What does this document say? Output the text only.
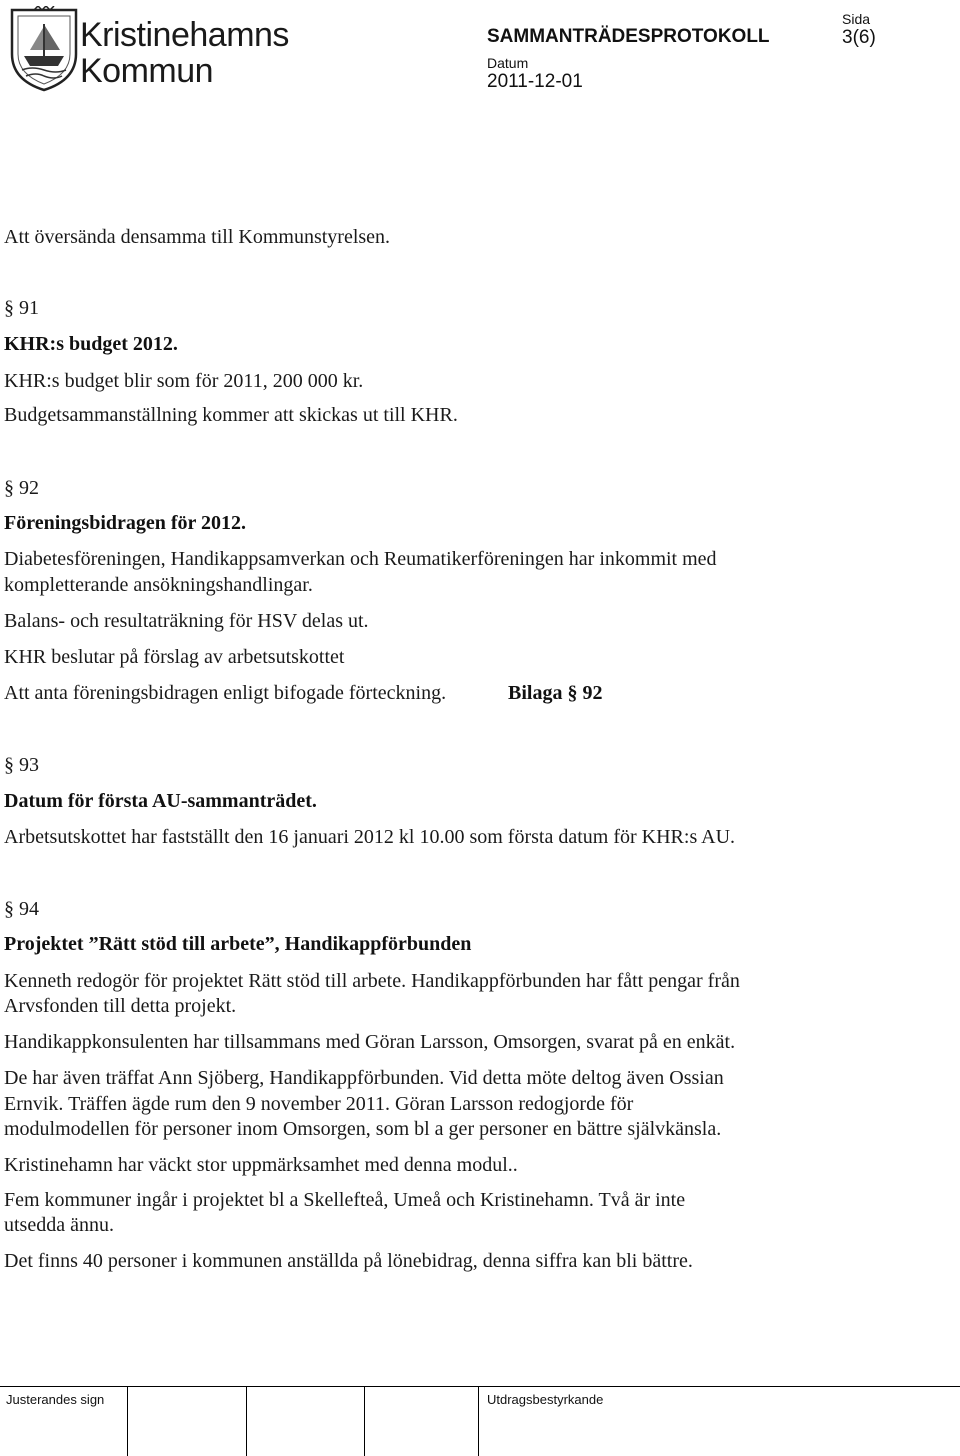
Kristinehamns
Kommun
SAMMANTRÄDESPROTOKOLL
Sida
3(6)
Datum
2011-12-01
Att översända densamma till Kommunstyrelsen.
§ 91
KHR:s budget 2012.
KHR:s budget blir som för 2011, 200 000 kr.
Budgetsammanställning kommer att skickas ut till KHR.
§ 92
Föreningsbidragen för 2012.
Diabetesföreningen, Handikappsamverkan och Reumatikerföreningen har inkommit med
kompletterande ansökningshandlingar.
Balans- och resultaträkning för HSV delas ut.
KHR beslutar på förslag av arbetsutskottet
Att anta föreningsbidragen enligt bifogade förteckning.	Bilaga § 92
§ 93
Datum för första AU-sammanträdet.
Arbetsutskottet har fastställt den 16 januari 2012 kl 10.00 som första datum för KHR:s AU.
§ 94
Projektet ”Rätt stöd till arbete”, Handikappförbunden
Kenneth redogör för projektet Rätt stöd till arbete. Handikappförbunden har fått pengar från
Arvsfonden till detta projekt.
Handikappkonsulenten har tillsammans med Göran Larsson, Omsorgen, svarat på en enkät.
De har även träffat Ann Sjöberg, Handikappförbunden. Vid detta möte deltog även Ossian
Ernvik. Träffen ägde rum den 9 november 2011. Göran Larsson redogjorde för
modulmodellen för personer inom Omsorgen, som bl a ger personer en bättre självkänsla.
Kristinehamn har väckt stor uppmärksamhet med denna modul..
Fem kommuner ingår i projektet bl a Skellefteå, Umeå och Kristinehamn. Två är inte
utsedda ännu.
Det finns 40 personer i kommunen anställda på lönebidrag, denna siffra kan bli bättre.
Justerandes sign	Utdragsbestyrkande
